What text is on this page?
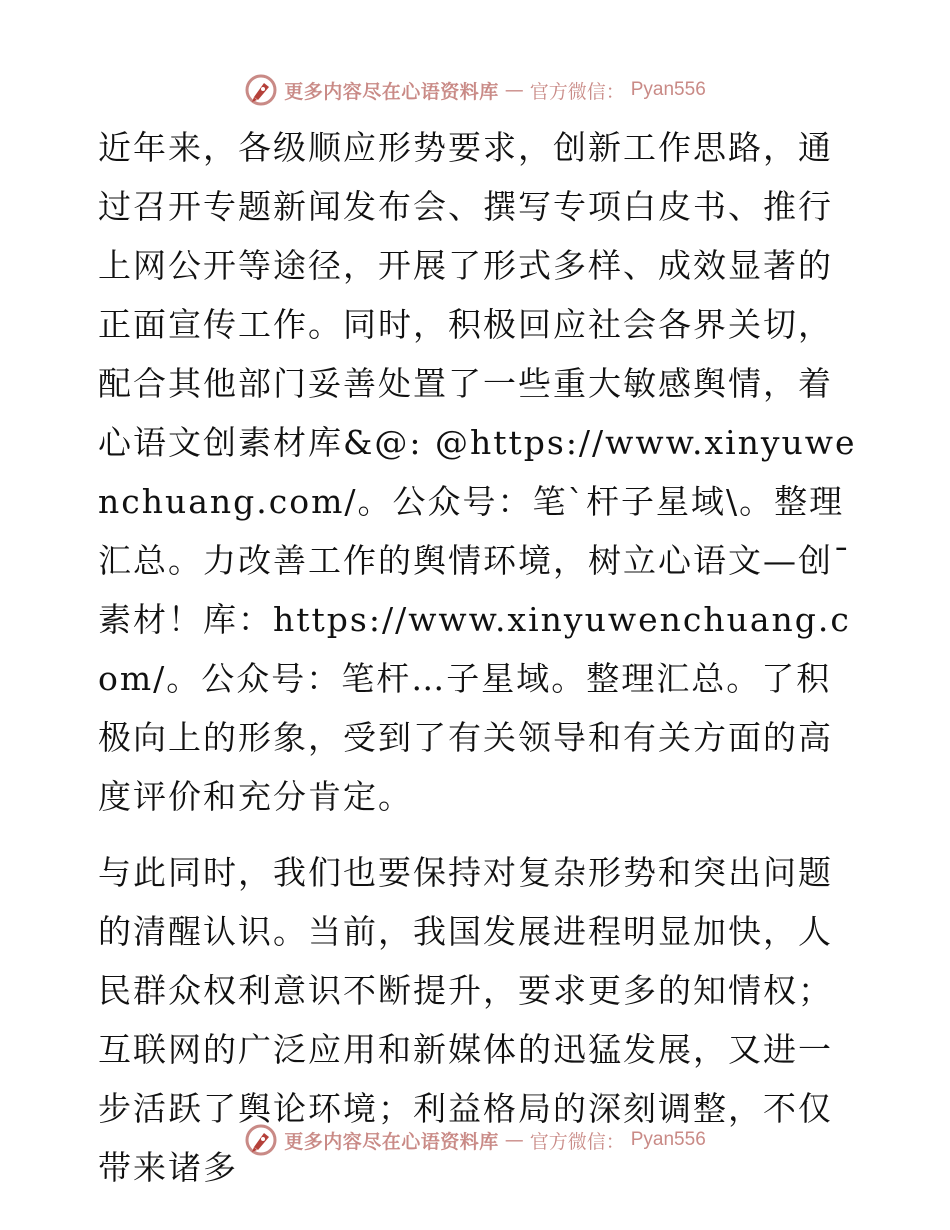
更多内容尽在心语资料库 — 官方微信： Pyan556

近年来，各级顺应形势要求，创新工作思路，通过召开专题新闻发布会、撰写专项白皮书、推行上网公开等途径，开展了形式多样、成效显著的正面宣传工作。同时，积极回应社会各界关切，配合其他部门妥善处置了一些重大敏感舆情，着心语文创素材库&@: @https://www.xinyuwenchuang.com/。公众号：笔`杆子星域\。整理汇总。力改善工作的舆情环境，树立心语文—创¯素材！库：https://www.xinyuwenchuang.com/。公众号：笔杆…子星域。整理汇总。了积极向上的形象，受到了有关领导和有关方面的高度评价和充分肯定。

与此同时，我们也要保持对复杂形势和突出问题的清醒认识。当前，我国发展进程明显加快，人民群众权利意识不断提升，要求更多的知情权；互联网的广泛应用和新媒体的迅猛发展，又进一步活跃了舆论环境；利益格局的深刻调整，不仅带来诸多

更多内容尽在心语资料库 — 官方微信： Pyan556
